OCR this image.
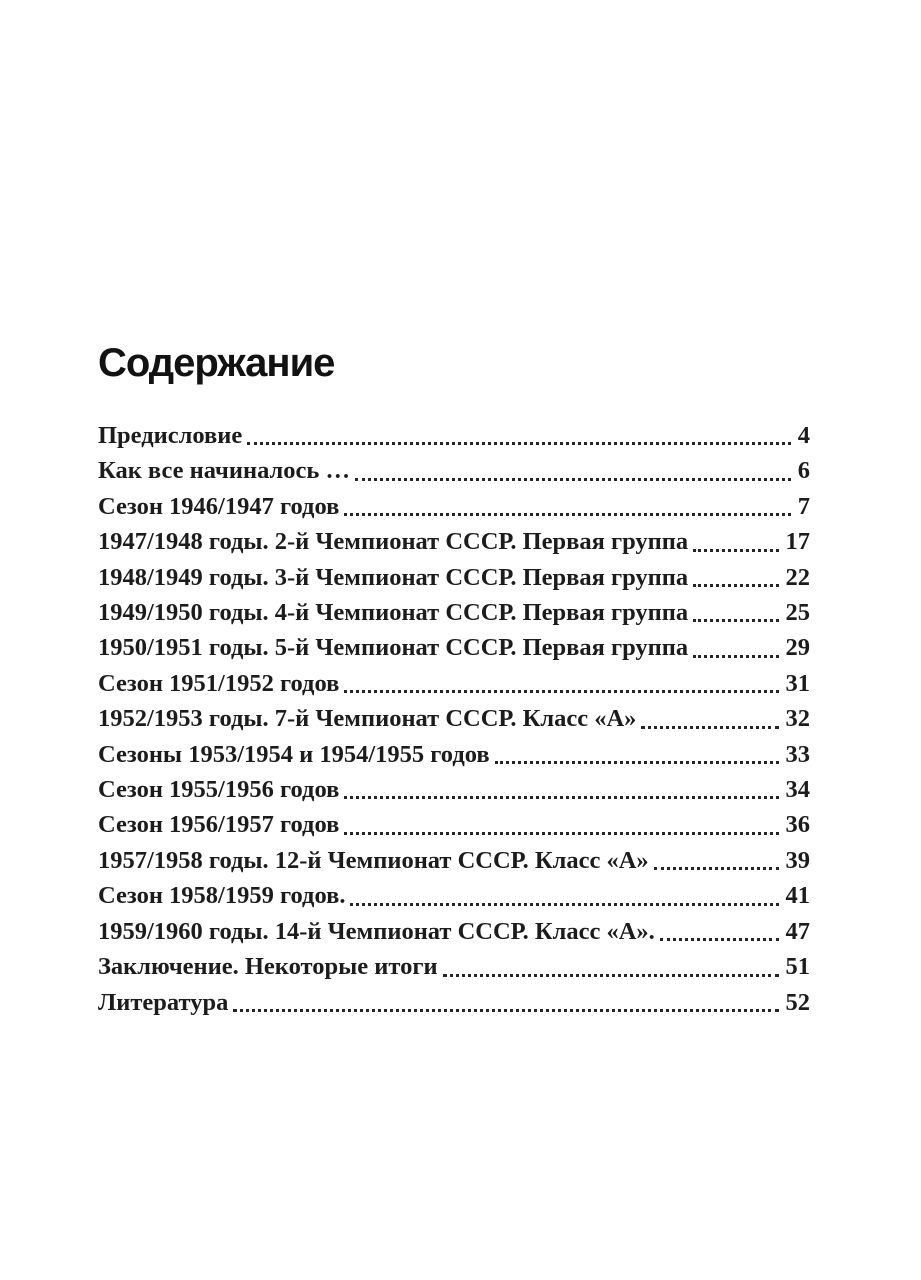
Содержание
Предисловие	4
Как все начиналось …	6
Сезон 1946/1947 годов	7
1947/1948 годы. 2-й Чемпионат СССР. Первая группа	17
1948/1949 годы. 3-й Чемпионат СССР. Первая группа	22
1949/1950 годы. 4-й Чемпионат СССР. Первая группа	25
1950/1951 годы. 5-й Чемпионат СССР. Первая группа	29
Сезон 1951/1952 годов	31
1952/1953 годы. 7-й Чемпионат СССР. Класс «А»	32
Сезоны 1953/1954 и 1954/1955 годов	33
Сезон 1955/1956 годов	34
Сезон 1956/1957 годов	36
1957/1958 годы. 12-й Чемпионат СССР. Класс «А»	39
Сезон 1958/1959 годов.	41
1959/1960 годы. 14-й Чемпионат СССР. Класс «А».	47
Заключение. Некоторые итоги	51
Литература	52
